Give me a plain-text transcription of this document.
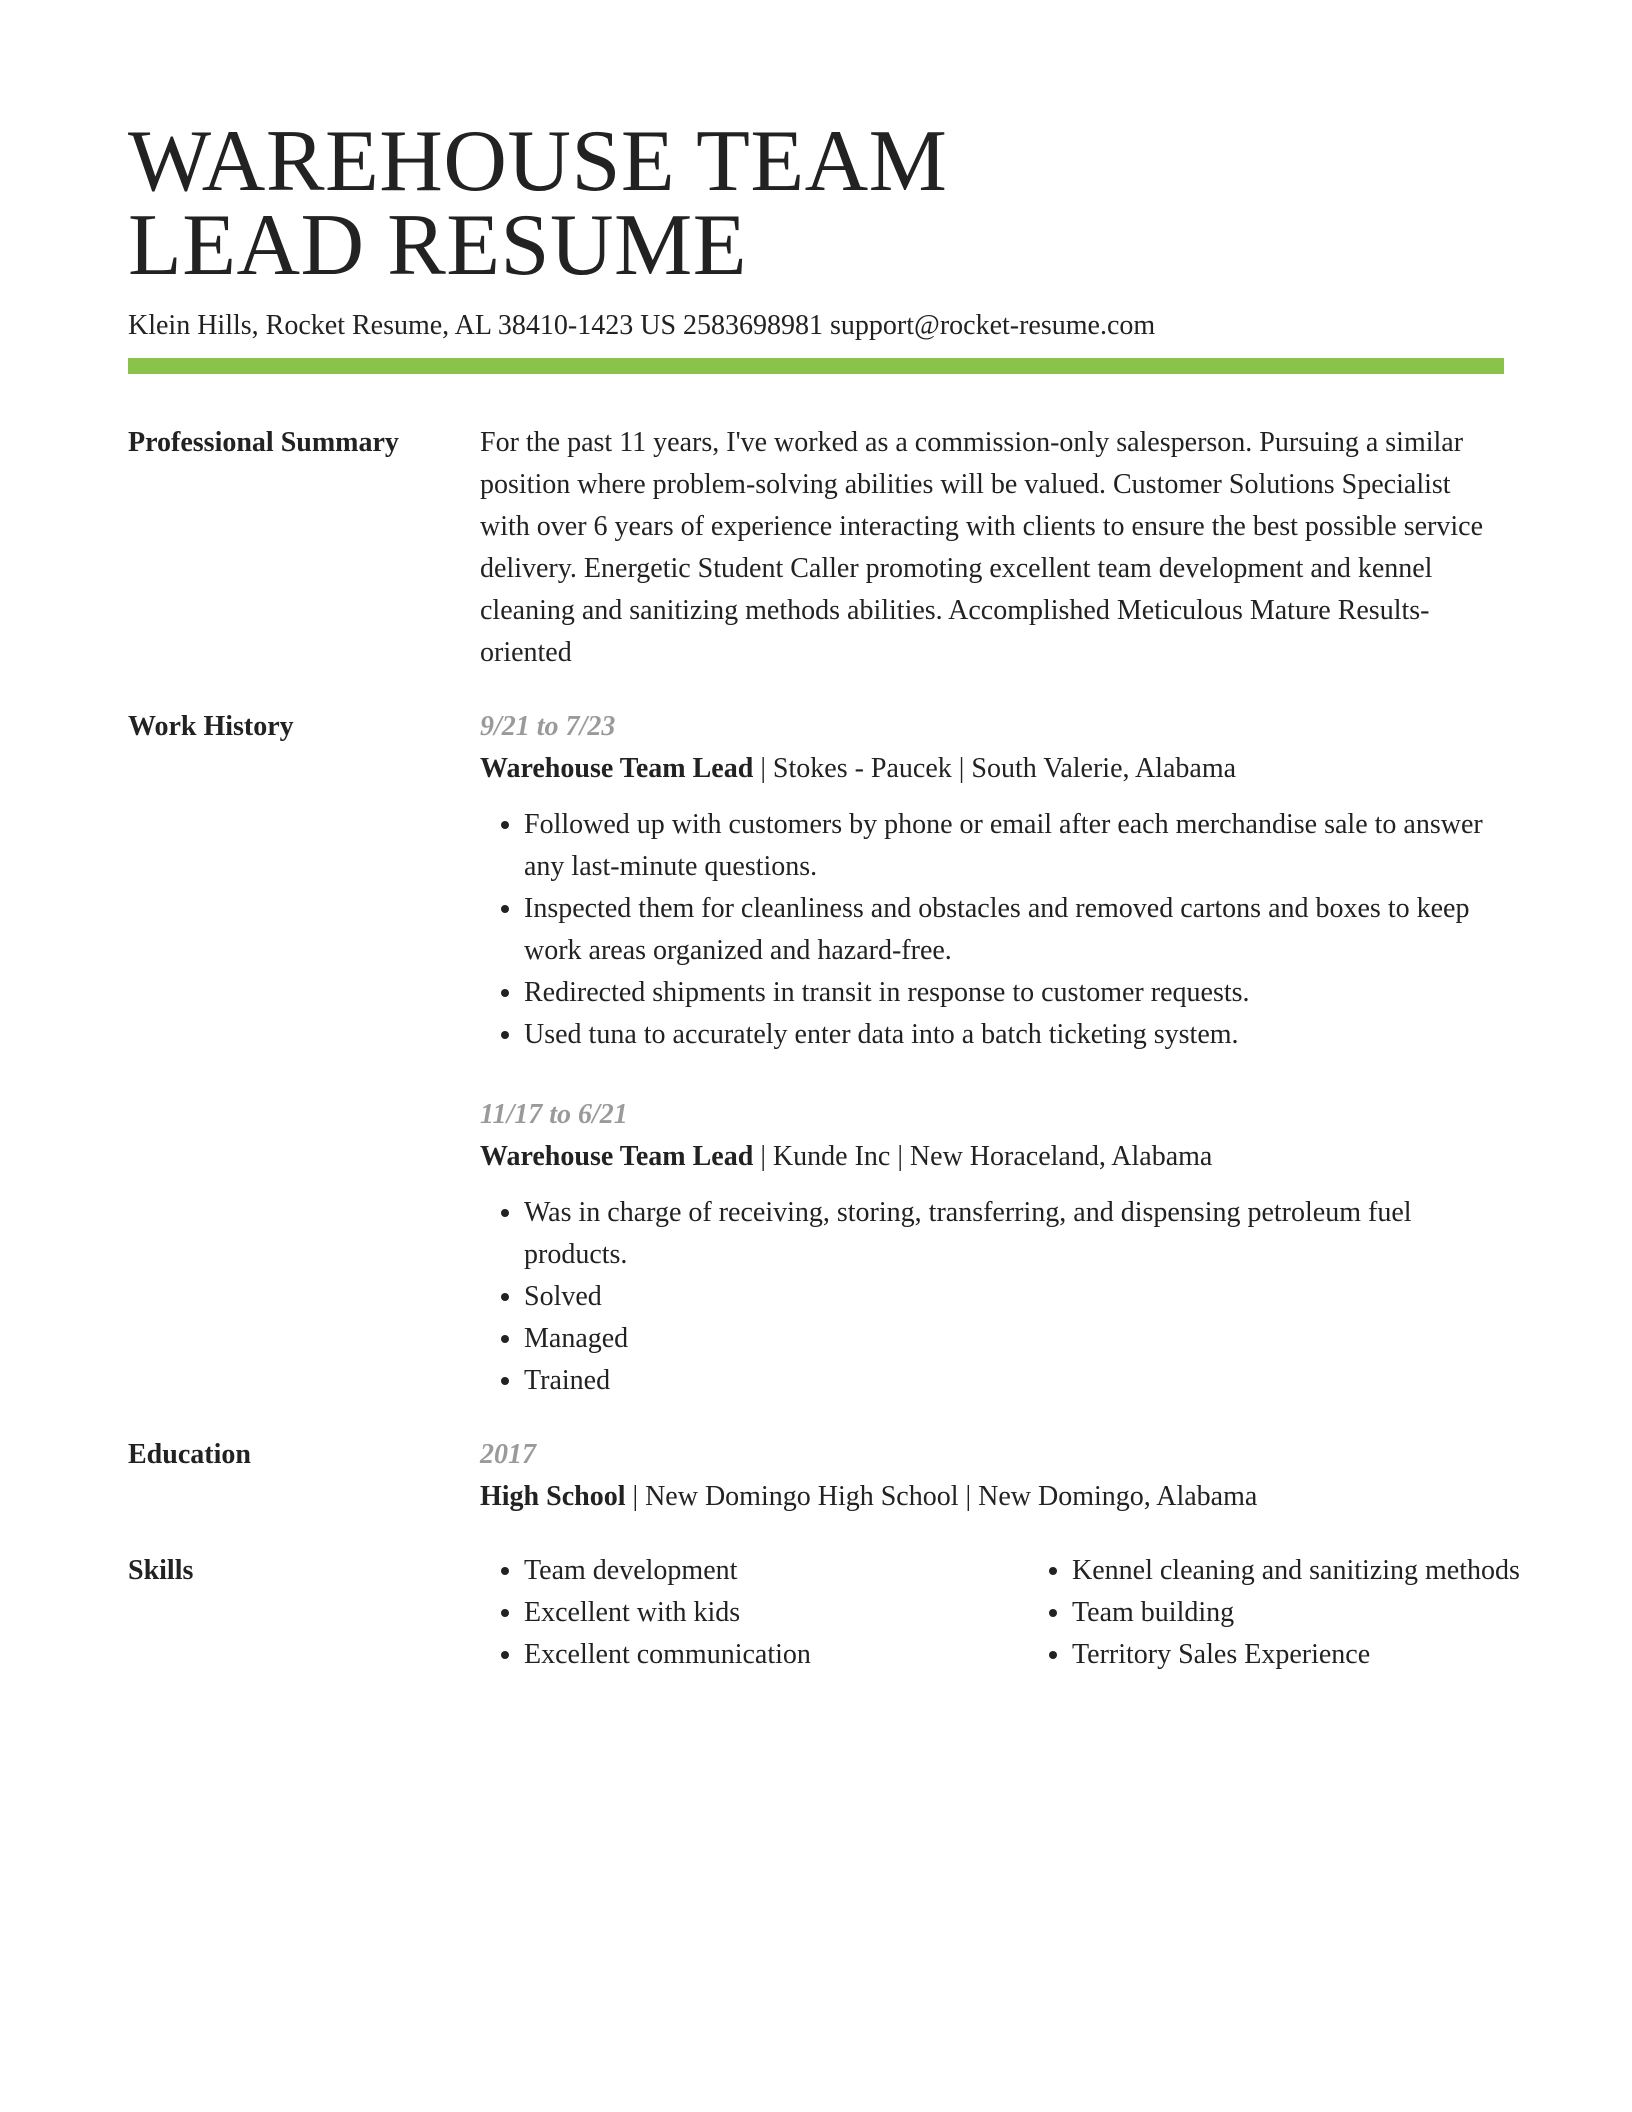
WAREHOUSE TEAM
LEAD RESUME
Klein Hills, Rocket Resume, AL 38410-1423 US 2583698981 support@rocket-resume.com
Professional Summary	For the past 11 years, I've worked as a commission-only salesperson. Pursuing a similar position where problem-solving abilities will be valued. Customer Solutions Specialist with over 6 years of experience interacting with clients to ensure the best possible service delivery. Energetic Student Caller promoting excellent team development and kennel cleaning and sanitizing methods abilities. Accomplished Meticulous Mature Results-oriented
Work History	9/21 to 7/23
Warehouse Team Lead | Stokes - Paucek | South Valerie, Alabama
• Followed up with customers by phone or email after each merchandise sale to answer any last-minute questions.
• Inspected them for cleanliness and obstacles and removed cartons and boxes to keep work areas organized and hazard-free.
• Redirected shipments in transit in response to customer requests.
• Used tuna to accurately enter data into a batch ticketing system.
11/17 to 6/21
Warehouse Team Lead | Kunde Inc | New Horaceland, Alabama
• Was in charge of receiving, storing, transferring, and dispensing petroleum fuel products.
• Solved
• Managed
• Trained
Education	2017
High School | New Domingo High School | New Domingo, Alabama
Skills
•	Team development
• Excellent with kids
• Excellent communication
• Kennel cleaning and sanitizing methods
• Team building
• Territory Sales Experience
